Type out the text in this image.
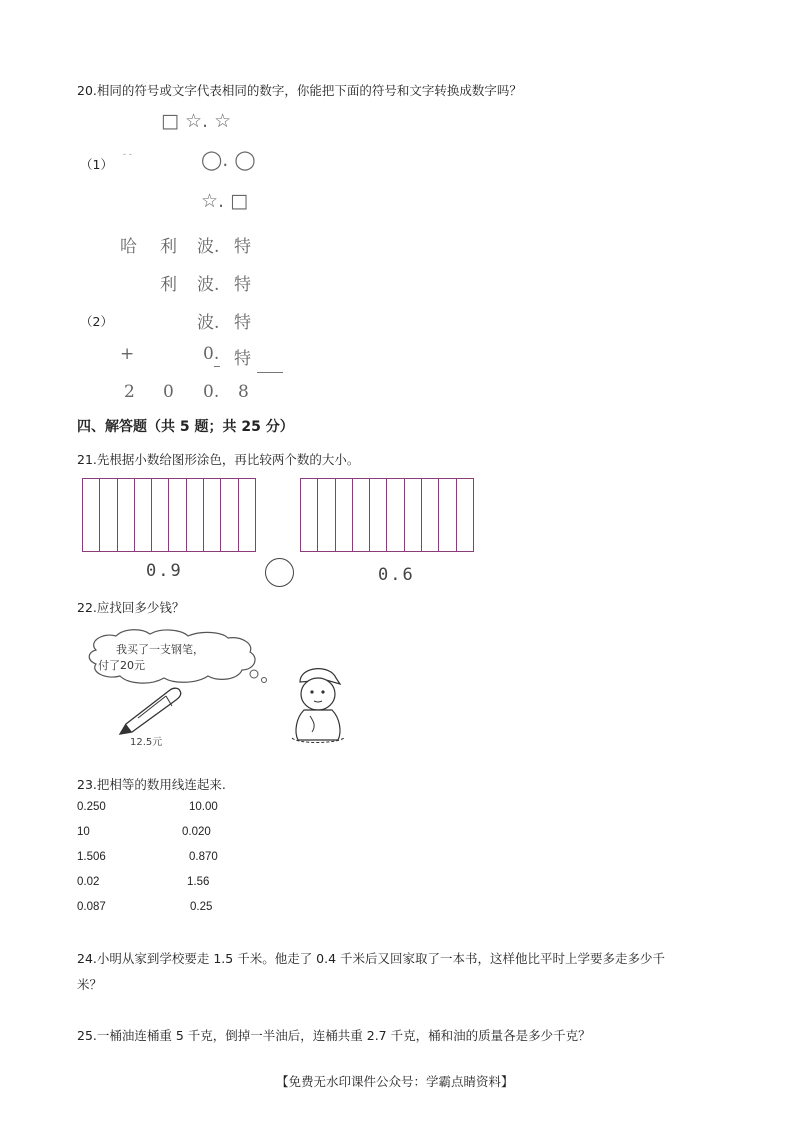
20.相同的符号或文字代表相同的数字，你能把下面的符号和文字转换成数字吗？
（1）
- -
□ ☆. ☆
◯. ◯
☆. □
（2）
哈 利 波. 特
利 波. 特
波. 特
+	0. 特
2 0 0. 8
四、解答题（共 5 题；共 25 分）
21.先根据小数给图形涂色，再比较两个数的大小。
0.9	0.6
22.应找回多少钱？
我买了一支钢笔，
付了20元
12.5元
23.把相等的数用线连起来.
0.250
10
1.506
0.02
0.087
10.00
0.020
0.870
1.56
0.25
24.小明从家到学校要走 1.5 千米。他走了 0.4 千米后又回家取了一本书，这样他比平时上学要多走多少千
米？
25.一桶油连桶重 5 千克，倒掉一半油后，连桶共重 2.7 千克，桶和油的质量各是多少千克？
【免费无水印课件公众号：学霸点睛资料】
